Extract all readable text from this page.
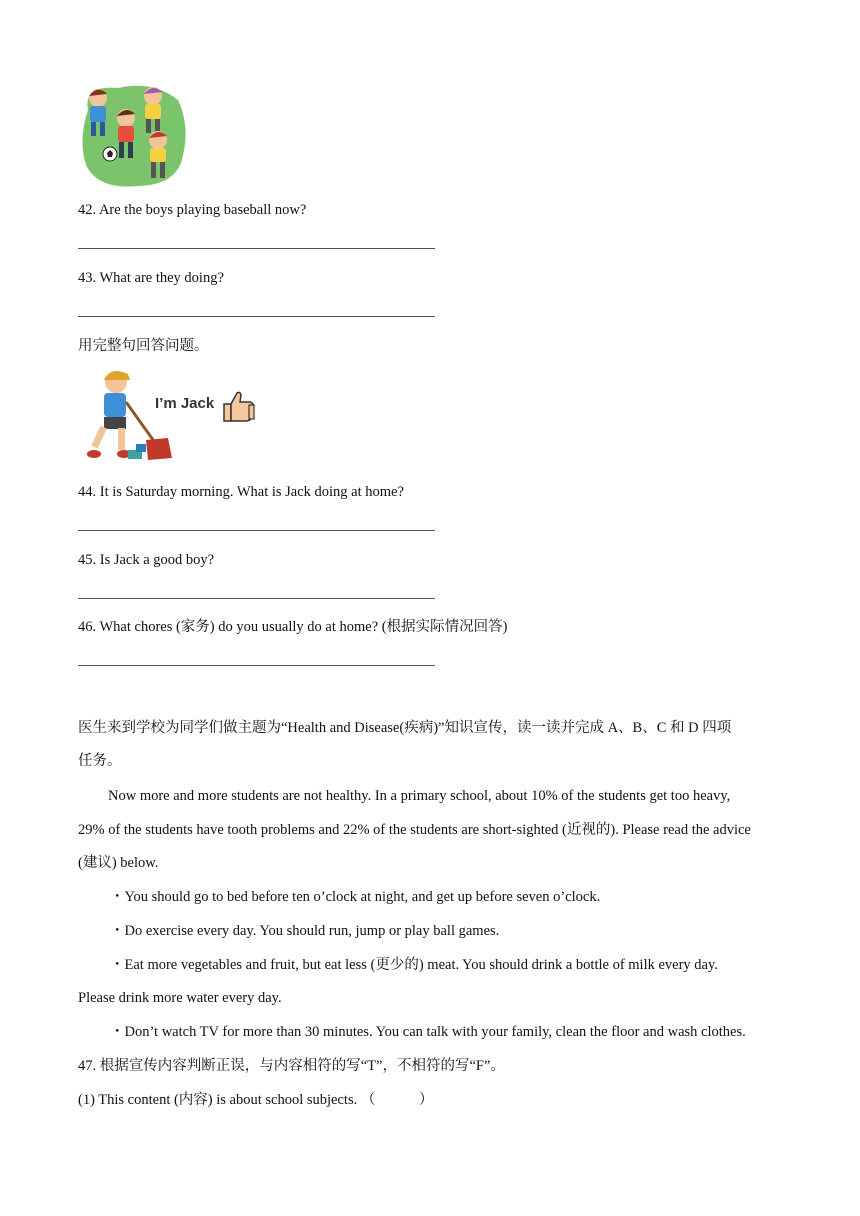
42. Are the boys playing baseball now?
43. What are they doing?
用完整句回答问题。
I’m Jack
44. It is Saturday morning. What is Jack doing at home?
45. Is Jack a good boy?
46. What chores (家务) do you usually do at home? (根据实际情况回答)
医生来到学校为同学们做主题为“Health and Disease(疾病)”知识宣传，读一读并完成 A、B、C 和 D 四项
任务。
Now more and more students are not healthy. In a primary school, about 10% of the students get too heavy,
29% of the students have tooth problems and 22% of the students are short-sighted (近视的). Please read the advice
(建议) below.
・You should go to bed before ten o’clock at night, and get up before seven o’clock.
・Do exercise every day. You should run, jump or play ball games.
・Eat more vegetables and fruit, but eat less (更少的) meat. You should drink a bottle of milk every day.
Please drink more water every day.
・Don’t watch TV for more than 30 minutes. You can talk with your family, clean the floor and wash clothes.
47. 根据宣传内容判断正误，与内容相符的写“T”，不相符的写“F”。
(1) This content (内容) is about school subjects. （　　　）
